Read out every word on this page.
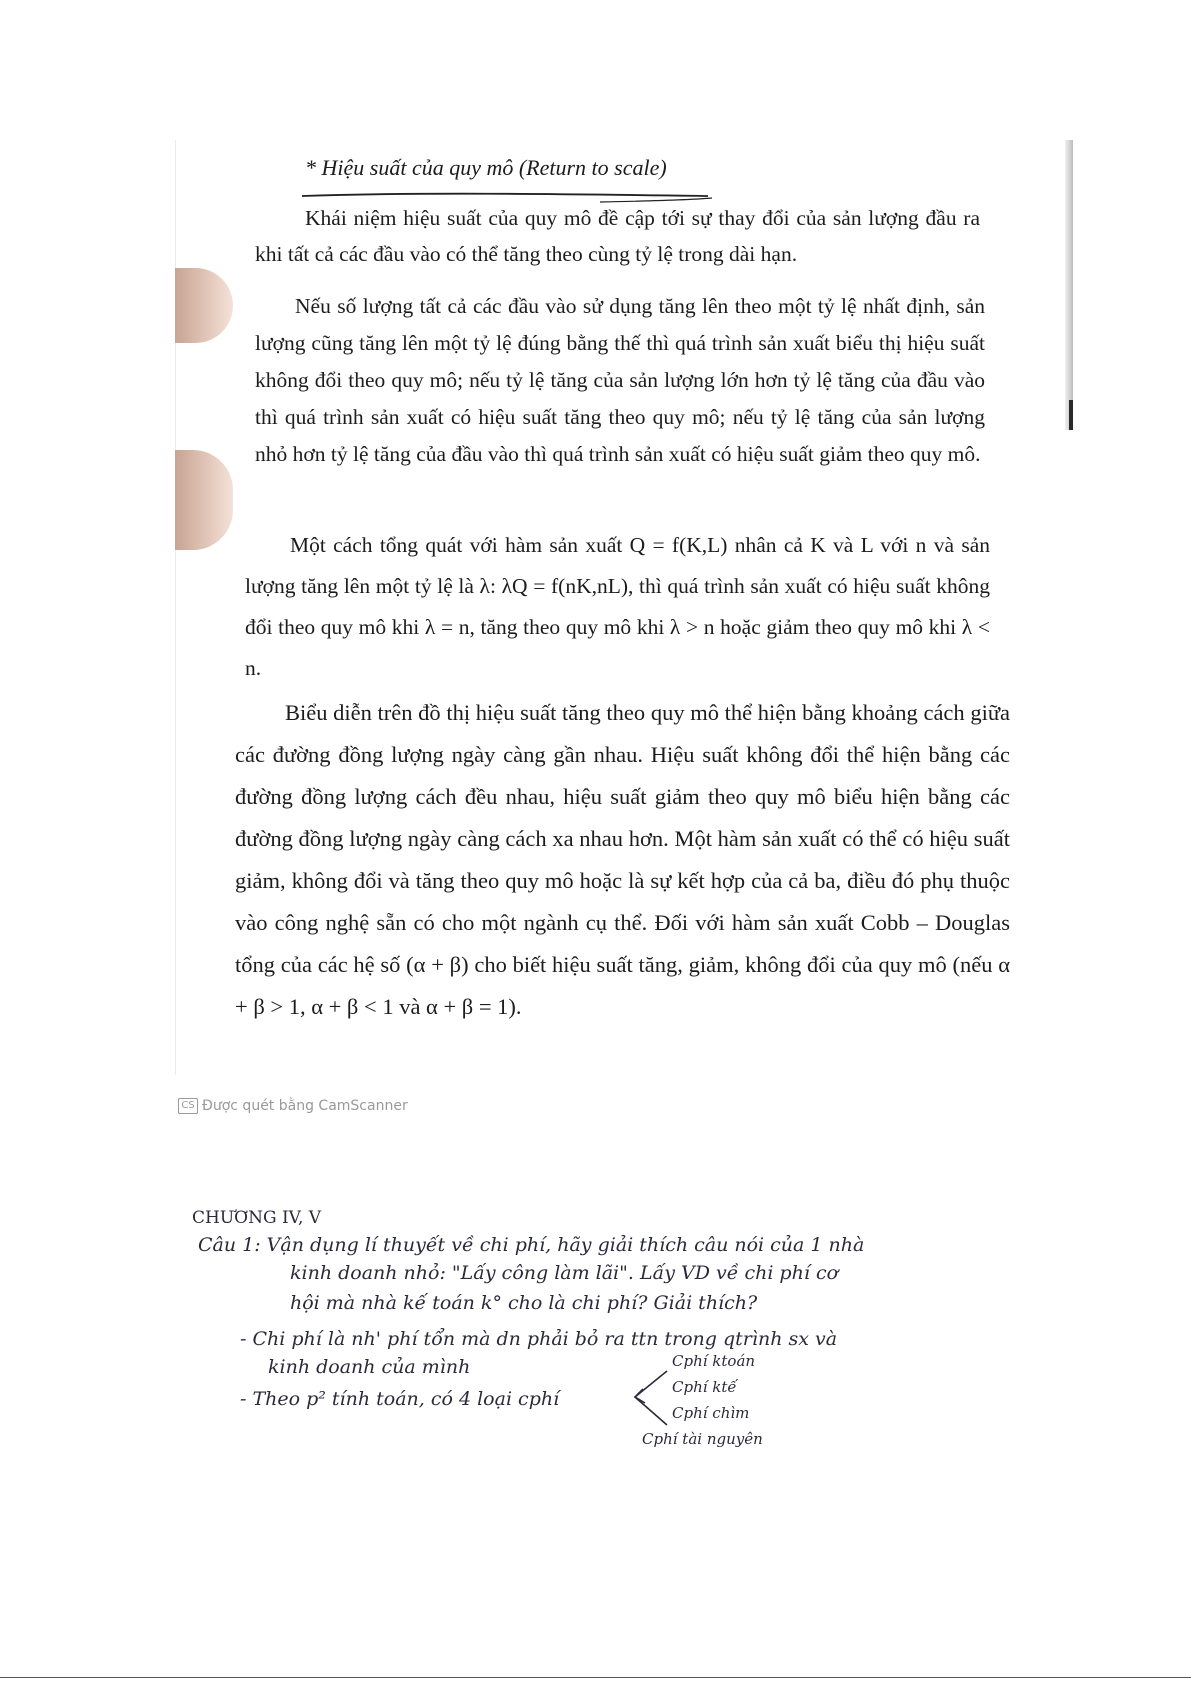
* Hiệu suất của quy mô (Return to scale)
Khái niệm hiệu suất của quy mô đề cập tới sự thay đổi của sản lượng đầu ra khi tất cả các đầu vào có thể tăng theo cùng tỷ lệ trong dài hạn.
Nếu số lượng tất cả các đầu vào sử dụng tăng lên theo một tỷ lệ nhất định, sản lượng cũng tăng lên một tỷ lệ đúng bằng thế thì quá trình sản xuất biểu thị hiệu suất không đổi theo quy mô; nếu tỷ lệ tăng của sản lượng lớn hơn tỷ lệ tăng của đầu vào thì quá trình sản xuất có hiệu suất tăng theo quy mô; nếu tỷ lệ tăng của sản lượng nhỏ hơn tỷ lệ tăng của đầu vào thì quá trình sản xuất có hiệu suất giảm theo quy mô.
Một cách tổng quát với hàm sản xuất Q = f(K,L) nhân cả K và L với n và sản lượng tăng lên một tỷ lệ là λ: λQ = f(nK,nL), thì quá trình sản xuất có hiệu suất không đổi theo quy mô khi λ = n, tăng theo quy mô khi λ > n hoặc giảm theo quy mô khi λ < n.
Biểu diễn trên đồ thị hiệu suất tăng theo quy mô thể hiện bằng khoảng cách giữa các đường đồng lượng ngày càng gần nhau. Hiệu suất không đổi thể hiện bằng các đường đồng lượng cách đều nhau, hiệu suất giảm theo quy mô biểu hiện bằng các đường đồng lượng ngày càng cách xa nhau hơn. Một hàm sản xuất có thể có hiệu suất giảm, không đổi và tăng theo quy mô hoặc là sự kết hợp của cả ba, điều đó phụ thuộc vào công nghệ sẵn có cho một ngành cụ thể. Đối với hàm sản xuất Cobb – Douglas tổng của các hệ số (α + β) cho biết hiệu suất tăng, giảm, không đổi của quy mô (nếu α + β > 1, α + β < 1 và α + β = 1).
CS Được quét bằng CamScanner
CHƯƠNG IV, V
Câu 1: Vận dụng lí thuyết về chi phí, hãy giải thích câu nói của 1 nhà
kinh doanh nhỏ: "Lấy công làm lãi". Lấy VD về chi phí cơ
hội mà nhà kế toán k° cho là chi phí? Giải thích?
- Chi phí là nh' phí tổn mà dn phải bỏ ra ttn trong qtrình sx và
kinh doanh của mình
- Theo p² tính toán, có 4 loại cphí
Cphí ktoán
Cphí ktế
Cphí chìm
Cphí tài nguyên
